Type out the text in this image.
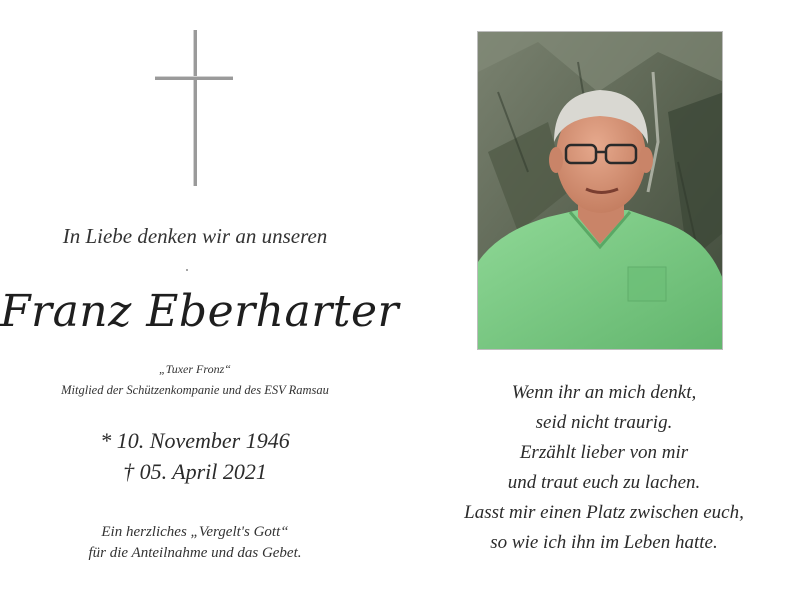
In Liebe denken wir an unseren
Franz Eberharter
„Tuxer Fronz“
Mitglied der Schützenkompanie und des ESV Ramsau
* 10. November 1946
† 05. April 2021
Ein herzliches „Vergelt's Gott“
für die Anteilnahme und das Gebet.
Wenn ihr an mich denkt,
seid nicht traurig.
Erzählt lieber von mir
und traut euch zu lachen.
Lasst mir einen Platz zwischen euch,
so wie ich ihn im Leben hatte.
